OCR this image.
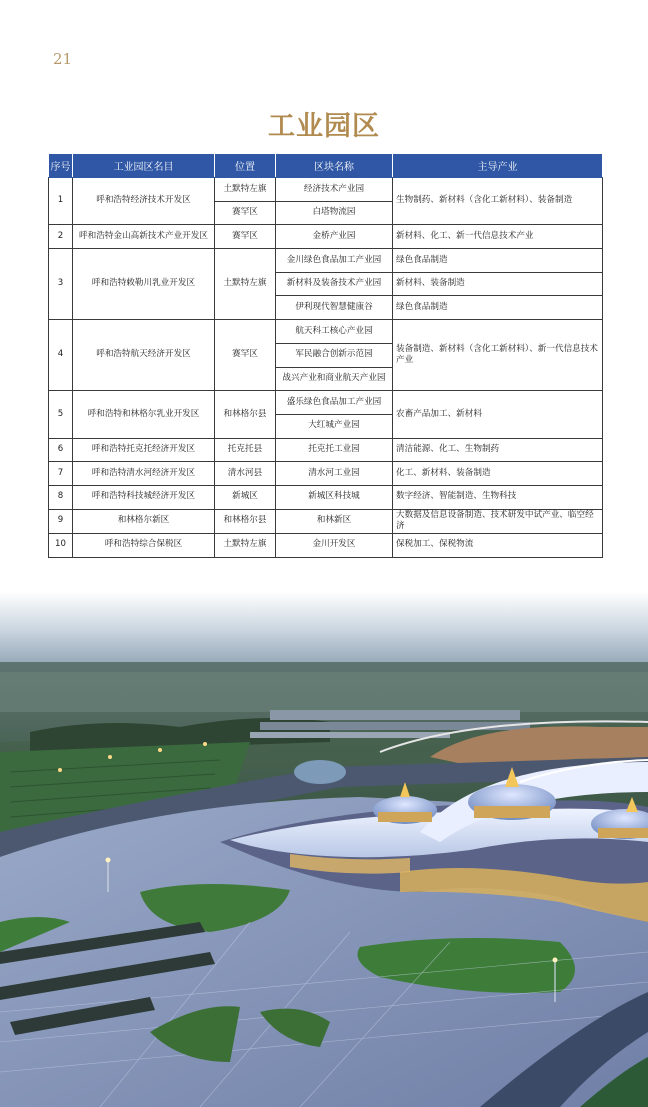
21
工业园区
序号	工业园区名目	位置	区块名称	主导产业
1	呼和浩特经济技术开发区	土默特左旗	经济技术产业园	生物制药、新材料（含化工新材料）、装备制造
		赛罕区	白塔物流园	
2	呼和浩特金山高新技术产业开发区	赛罕区	金桥产业园	新材料、化工、新一代信息技术产业
3	呼和浩特敕勒川乳业开发区	土默特左旗	金川绿色食品加工产业园	绿色食品制造
			新材料及装备技术产业园	新材料、装备制造
			伊利现代智慧健康谷	绿色食品制造
4	呼和浩特航天经济开发区	赛罕区	航天科工核心产业园	装备制造、新材料（含化工新材料）、新一代信息技术产业
			军民融合创新示范园	
			战兴产业和商业航天产业园	
5	呼和浩特和林格尔乳业开发区	和林格尔县	盛乐绿色食品加工产业园	农畜产品加工、新材料
			大红城产业园	
6	呼和浩特托克托经济开发区	托克托县	托克托工业园	清洁能源、化工、生物制药
7	呼和浩特清水河经济开发区	清水河县	清水河工业园	化工、新材料、装备制造
8	呼和浩特科技城经济开发区	新城区	新城区科技城	数字经济、智能制造、生物科技
9	和林格尔新区	和林格尔县	和林新区	大数据及信息设备制造、技术研发中试产业、临空经济
10	呼和浩特综合保税区	土默特左旗	金川开发区	保税加工、保税物流
